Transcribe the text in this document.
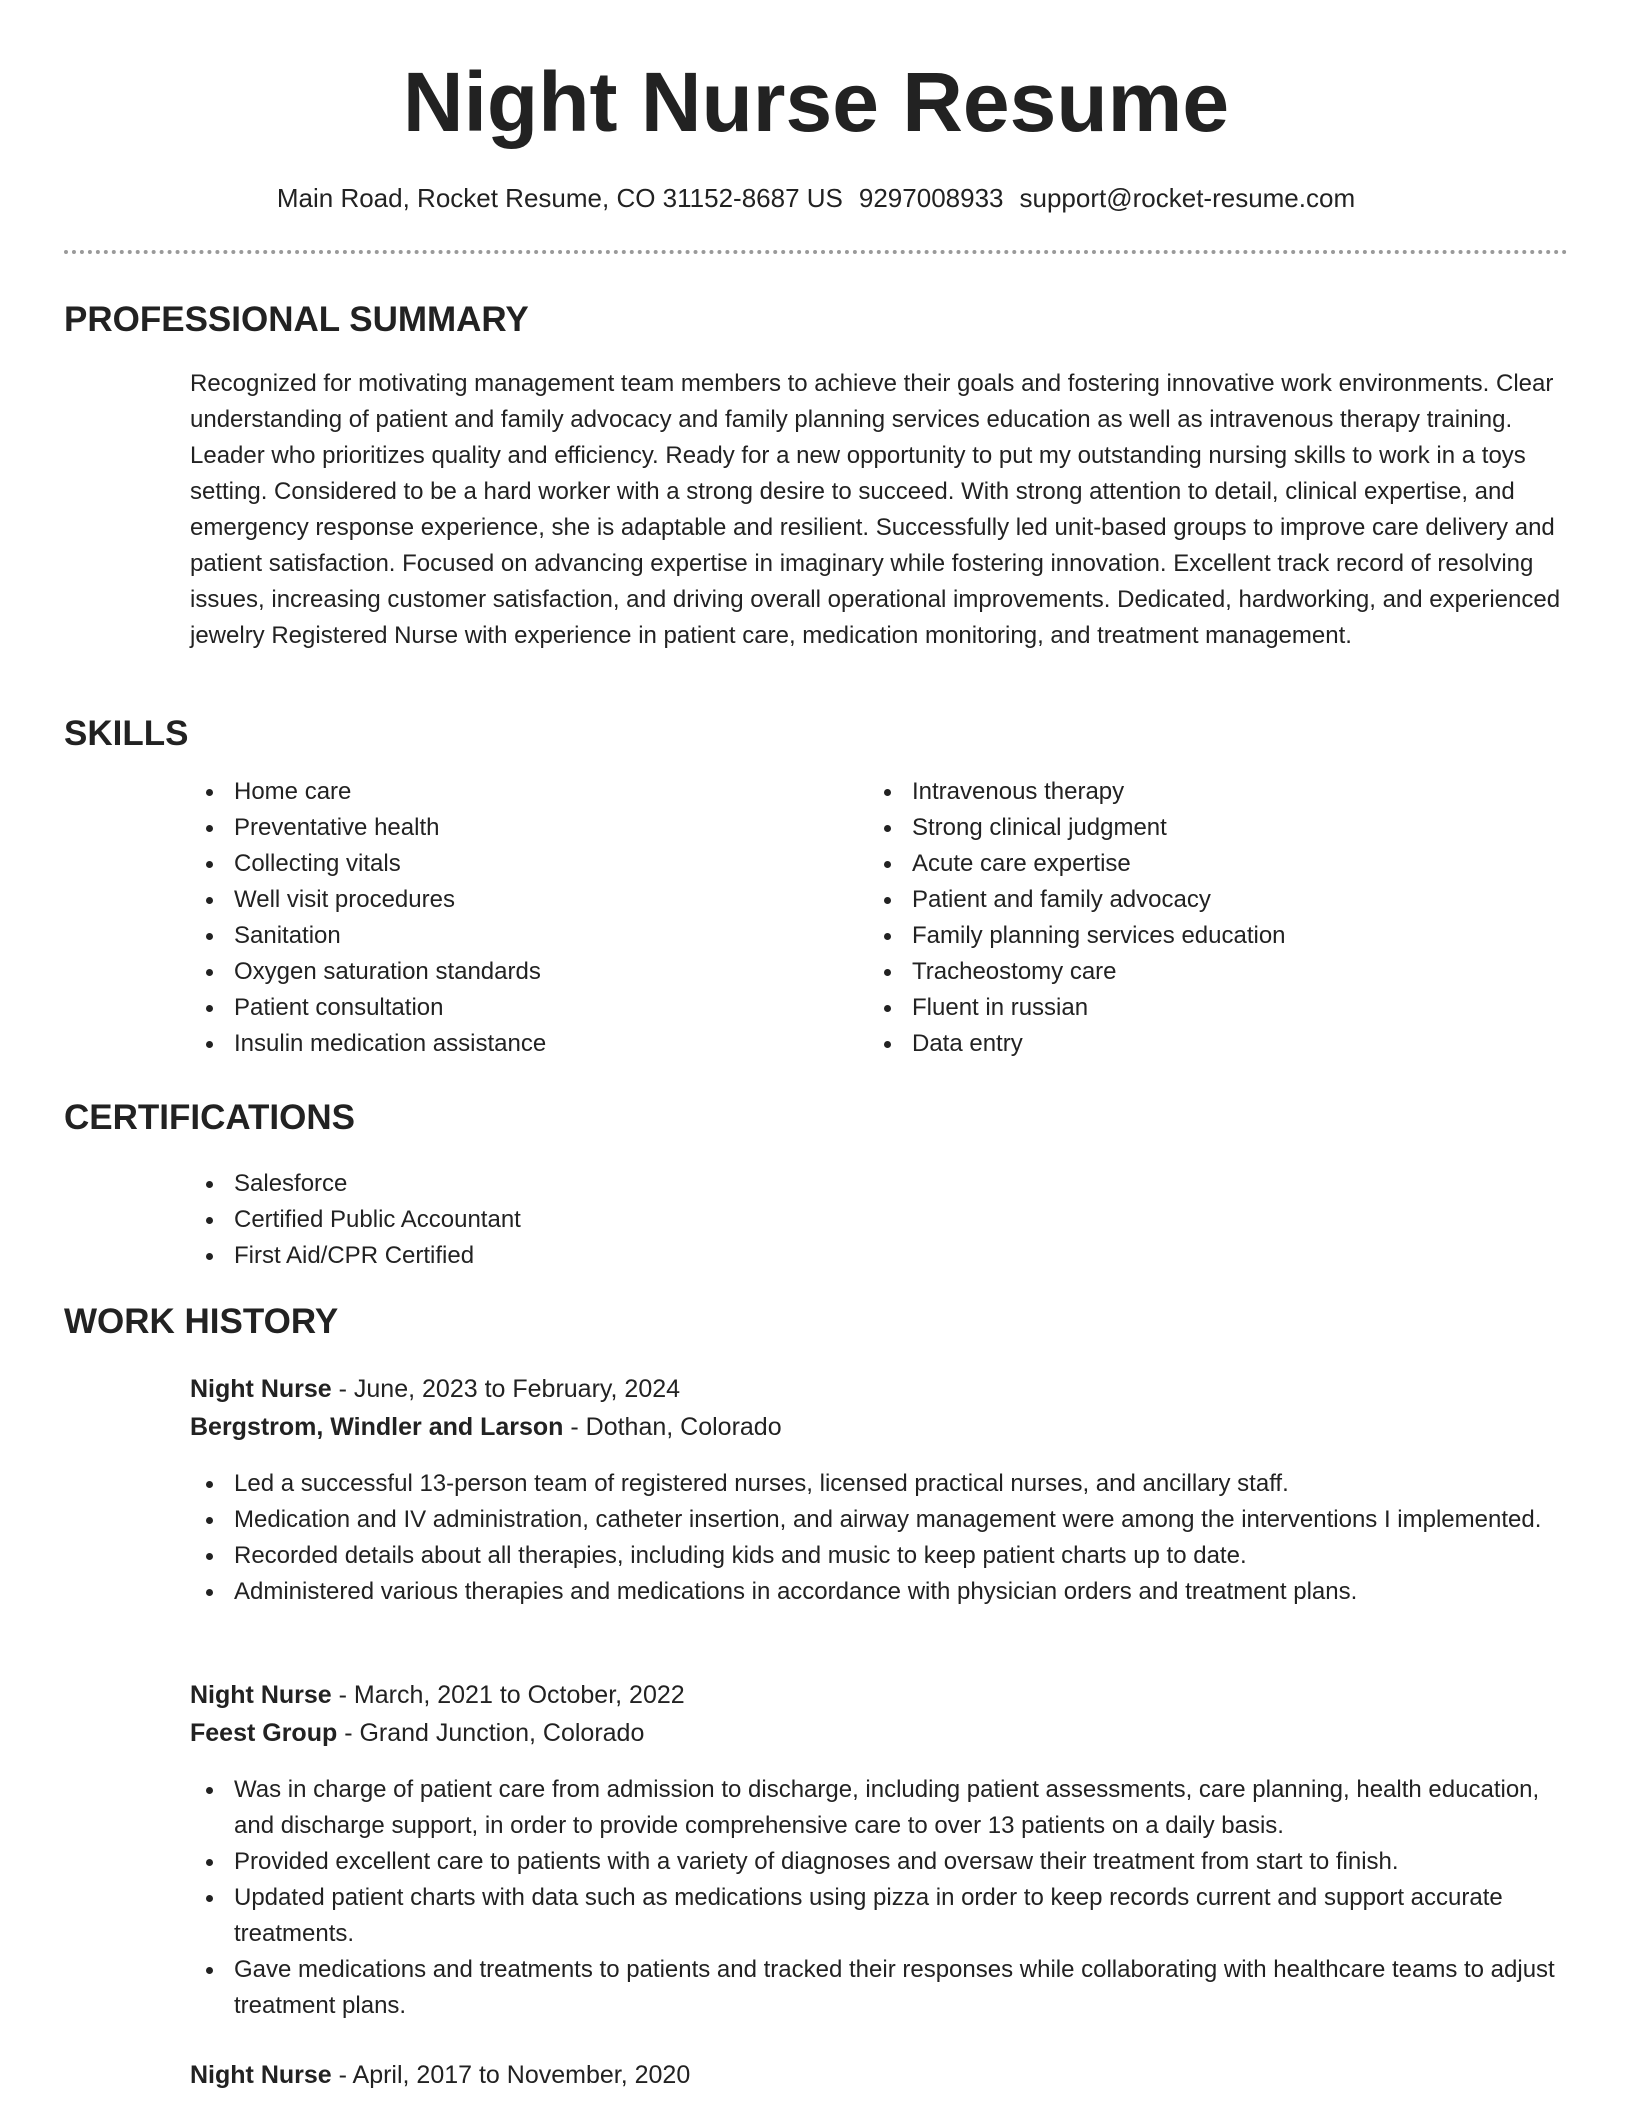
Night Nurse Resume
Main Road, Rocket Resume, CO 31152-8687 US 9297008933 support@rocket-resume.com
PROFESSIONAL SUMMARY
Recognized for motivating management team members to achieve their goals and fostering innovative work environments. Clear understanding of patient and family advocacy and family planning services education as well as intravenous therapy training. Leader who prioritizes quality and efficiency. Ready for a new opportunity to put my outstanding nursing skills to work in a toys setting. Considered to be a hard worker with a strong desire to succeed. With strong attention to detail, clinical expertise, and emergency response experience, she is adaptable and resilient. Successfully led unit-based groups to improve care delivery and patient satisfaction. Focused on advancing expertise in imaginary while fostering innovation. Excellent track record of resolving issues, increasing customer satisfaction, and driving overall operational improvements. Dedicated, hardworking, and experienced jewelry Registered Nurse with experience in patient care, medication monitoring, and treatment management.
SKILLS
Home care
Preventative health
Collecting vitals
Well visit procedures
Sanitation
Oxygen saturation standards
Patient consultation
Insulin medication assistance
Intravenous therapy
Strong clinical judgment
Acute care expertise
Patient and family advocacy
Family planning services education
Tracheostomy care
Fluent in russian
Data entry
CERTIFICATIONS
Salesforce
Certified Public Accountant
First Aid/CPR Certified
WORK HISTORY
Night Nurse - June, 2023 to February, 2024
Bergstrom, Windler and Larson - Dothan, Colorado
Led a successful 13-person team of registered nurses, licensed practical nurses, and ancillary staff.
Medication and IV administration, catheter insertion, and airway management were among the interventions I implemented.
Recorded details about all therapies, including kids and music to keep patient charts up to date.
Administered various therapies and medications in accordance with physician orders and treatment plans.
Night Nurse - March, 2021 to October, 2022
Feest Group - Grand Junction, Colorado
Was in charge of patient care from admission to discharge, including patient assessments, care planning, health education, and discharge support, in order to provide comprehensive care to over 13 patients on a daily basis.
Provided excellent care to patients with a variety of diagnoses and oversaw their treatment from start to finish.
Updated patient charts with data such as medications using pizza in order to keep records current and support accurate treatments.
Gave medications and treatments to patients and tracked their responses while collaborating with healthcare teams to adjust treatment plans.
Night Nurse - April, 2017 to November, 2020
